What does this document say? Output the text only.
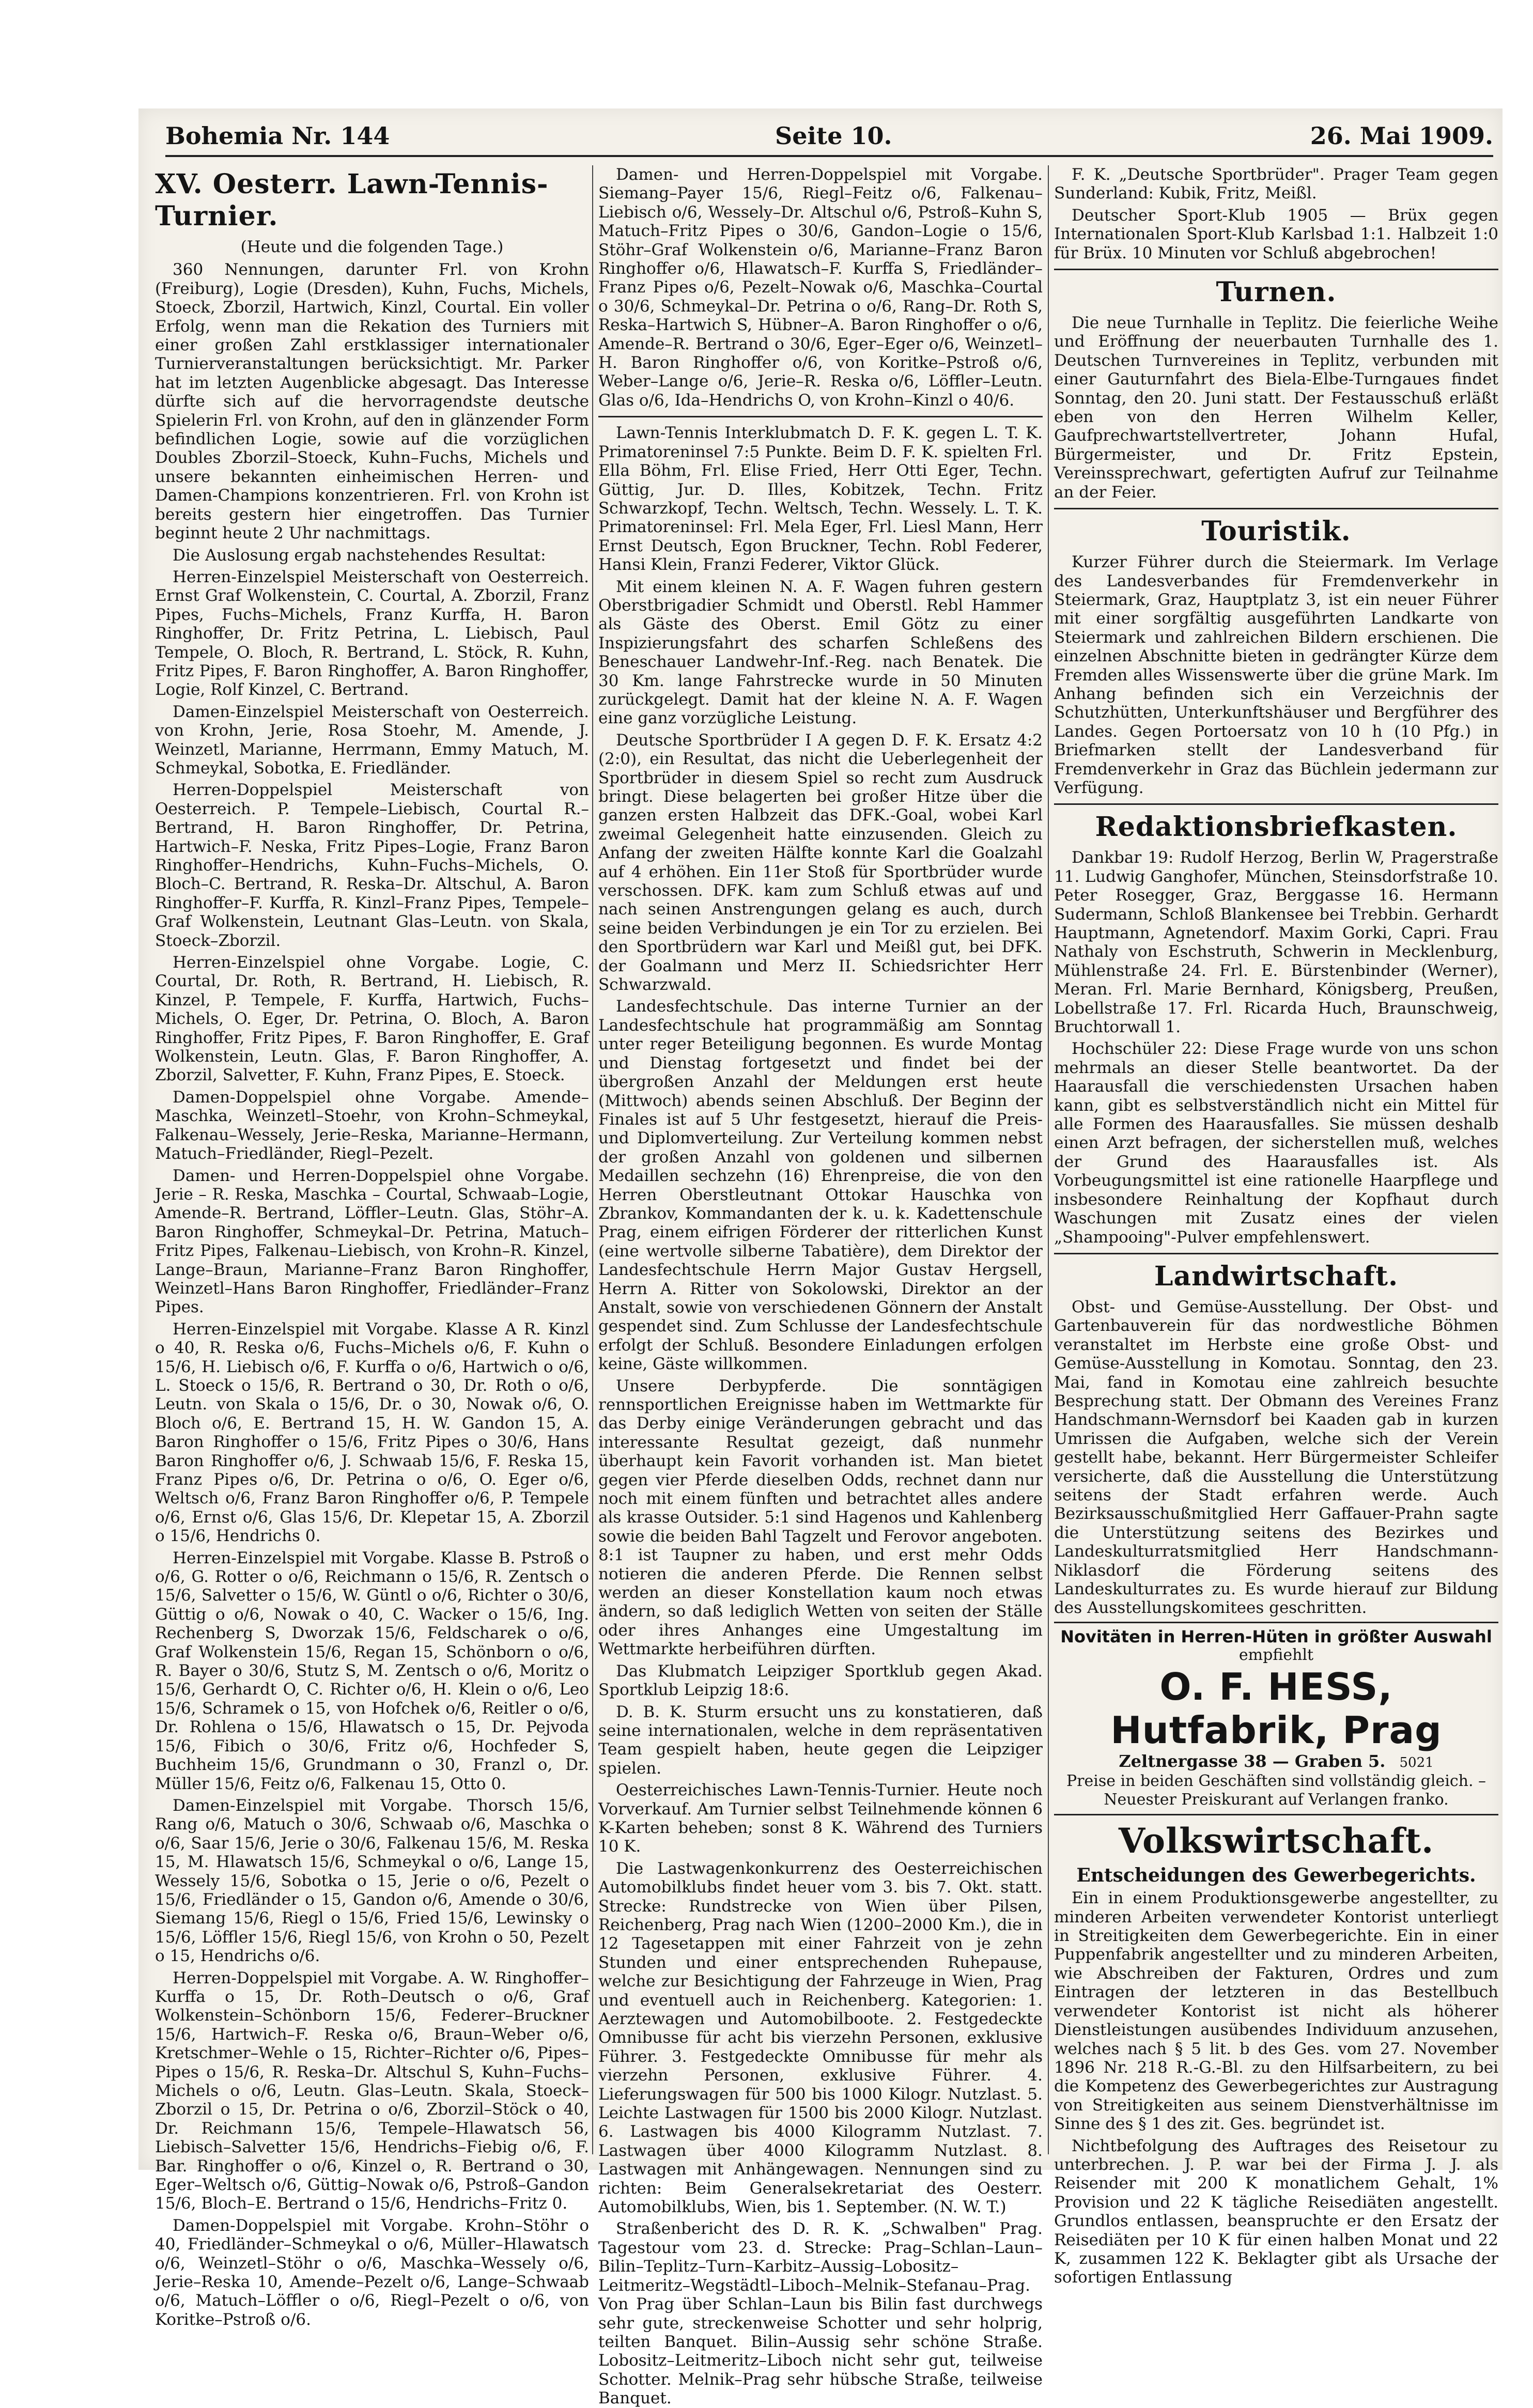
Bohemia Nr. 144	Seite 10.	26. Mai 1909.
XV. Oesterr. Lawn-Tennis-Turnier.
(Heute und die folgenden Tage.)

360 Nennungen, darunter Frl. von Krohn (Freiburg), Logie (Dresden), Kuhn, Fuchs, Michels, Stoeck, Zborzil, Hartwich, Kinzl, Courtal. Ein voller Erfolg, wenn man die Rekation des Turniers mit einer großen Zahl erstklassiger internationaler Turnierveranstaltungen berücksichtigt. Mr. Parker hat im letzten Augenblicke abgesagt. Das Interesse dürfte sich auf die hervorragendste deutsche Spielerin Frl. von Krohn, auf den in glänzender Form befindlichen Logie, sowie auf die vorzüglichen Doubles Zborzil–Stoeck, Kuhn–Fuchs, Michels und unsere bekannten einheimischen Herren- und Damen-Champions konzentrieren. Frl. von Krohn ist bereits gestern hier eingetroffen. Das Turnier beginnt heute 2 Uhr nachmittags.

Die Auslosung ergab nachstehendes Resultat:

Herren-Einzelspiel Meisterschaft von Oesterreich. Ernst Graf Wolkenstein, C. Courtal, A. Zborzil, Franz Pipes, Fuchs–Michels, Franz Kurffa, H. Baron Ringhoffer, Dr. Fritz Petrina, L. Liebisch, Paul Tempele, O. Bloch, R. Bertrand, L. Stöck, R. Kuhn, Fritz Pipes, F. Baron Ringhoffer, A. Baron Ringhoffer, Logie, Rolf Kinzel, C. Bertrand.

Damen-Einzelspiel Meisterschaft von Oesterreich. von Krohn, Jerie, Rosa Stoehr, M. Amende, J. Weinzetl, Marianne, Herrmann, Emmy Matuch, M. Schmeykal, Sobotka, E. Friedländer.

Herren-Doppelspiel Meisterschaft von Oesterreich. P. Tempele–Liebisch, Courtal R.–Bertrand, H. Baron Ringhoffer, Dr. Petrina, Hartwich–F. Neska, Fritz Pipes–Logie, Franz Baron Ringhoffer–Hendrichs, Kuhn–Fuchs–Michels, O. Bloch–C. Bertrand, R. Reska–Dr. Altschul, A. Baron Ringhoffer–F. Kurffa, R. Kinzl–Franz Pipes, Tempele–Graf Wolkenstein, Leutnant Glas–Leutn. von Skala, Stoeck–Zborzil.

Herren-Einzelspiel ohne Vorgabe. Logie, C. Courtal, Dr. Roth, R. Bertrand, H. Liebisch, R. Kinzel, P. Tempele, F. Kurffa, Hartwich, Fuchs–Michels, O. Eger, Dr. Petrina, O. Bloch, A. Baron Ringhoffer, Fritz Pipes, F. Baron Ringhoffer, E. Graf Wolkenstein, Leutn. Glas, F. Baron Ringhoffer, A. Zborzil, Salvetter, F. Kuhn, Franz Pipes, E. Stoeck.

Damen-Doppelspiel ohne Vorgabe. Amende–Maschka, Weinzetl–Stoehr, von Krohn–Schmeykal, Falkenau–Wessely, Jerie–Reska, Marianne–Hermann, Matuch–Friedländer, Riegl–Pezelt.

Damen- und Herren-Doppelspiel ohne Vorgabe. Jerie – R. Reska, Maschka – Courtal, Schwaab–Logie, Amende–R. Bertrand, Löffler–Leutn. Glas, Stöhr–A. Baron Ringhoffer, Schmeykal–Dr. Petrina, Matuch–Fritz Pipes, Falkenau–Liebisch, von Krohn–R. Kinzel, Lange–Braun, Marianne–Franz Baron Ringhoffer, Weinzetl–Hans Baron Ringhoffer, Friedländer–Franz Pipes.

Herren-Einzelspiel mit Vorgabe. Klasse A R. Kinzl o 40, R. Reska o/6, Fuchs–Michels o/6, F. Kuhn o 15/6, H. Liebisch o/6, F. Kurffa o o/6, Hartwich o o/6, L. Stoeck o 15/6, R. Bertrand o 30, Dr. Roth o o/6, Leutn. von Skala o 15/6, Dr. o 30, Nowak o/6, O. Bloch o/6, E. Bertrand 15, H. W. Gandon 15, A. Baron Ringhoffer o 15/6, Fritz Pipes o 30/6, Hans Baron Ringhoffer o/6, J. Schwaab 15/6, F. Reska 15, Franz Pipes o/6, Dr. Petrina o o/6, O. Eger o/6, Weltsch o/6, Franz Baron Ringhoffer o/6, P. Tempele o/6, Ernst o/6, Glas 15/6, Dr. Klepetar 15, A. Zborzil o 15/6, Hendrichs 0.

Herren-Einzelspiel mit Vorgabe. Klasse B. Pstroß o o/6, G. Rotter o o/6, Reichmann o 15/6, R. Zentsch o 15/6, Salvetter o 15/6, W. Güntl o o/6, Richter o 30/6, Güttig o o/6, Nowak o 40, C. Wacker o 15/6, Ing. Rechenberg S, Dworzak 15/6, Feldscharek o o/6, Graf Wolkenstein 15/6, Regan 15, Schönborn o o/6, R. Bayer o 30/6, Stutz S, M. Zentsch o o/6, Moritz o 15/6, Gerhardt O, C. Richter o/6, H. Klein o o/6, Leo 15/6, Schramek o 15, von Hofchek o/6, Reitler o o/6, Dr. Rohlena o 15/6, Hlawatsch o 15, Dr. Pejvoda 15/6, Fibich o 30/6, Fritz o/6, Hochfeder S, Buchheim 15/6, Grundmann o 30, Franzl o, Dr. Müller 15/6, Feitz o/6, Falkenau 15, Otto 0.

Damen-Einzelspiel mit Vorgabe. Thorsch 15/6, Rang o/6, Matuch o 30/6, Schwaab o/6, Maschka o o/6, Saar 15/6, Jerie o 30/6, Falkenau 15/6, M. Reska 15, M. Hlawatsch 15/6, Schmeykal o o/6, Lange 15, Wessely 15/6, Sobotka o 15, Jerie o o/6, Pezelt o 15/6, Friedländer o 15, Gandon o/6, Amende o 30/6, Siemang 15/6, Riegl o 15/6, Fried 15/6, Lewinsky o 15/6, Löffler 15/6, Riegl 15/6, von Krohn o 50, Pezelt o 15, Hendrichs o/6.

Herren-Doppelspiel mit Vorgabe. A. W. Ringhoffer–Kurffa o 15, Dr. Roth–Deutsch o o/6, Graf Wolkenstein–Schönborn 15/6, Federer–Bruckner 15/6, Hartwich–F. Reska o/6, Braun–Weber o/6, Kretschmer–Wehle o 15, Richter–Richter o/6, Pipes–Pipes o 15/6, R. Reska–Dr. Altschul S, Kuhn–Fuchs–Michels o o/6, Leutn. Glas–Leutn. Skala, Stoeck–Zborzil o 15, Dr. Petrina o o/6, Zborzil–Stöck o 40, Dr. Reichmann 15/6, Tempele–Hlawatsch 56, Liebisch–Salvetter 15/6, Hendrichs–Fiebig o/6, F. Bar. Ringhoffer o o/6, Kinzel o, R. Bertrand o 30, Eger–Weltsch o/6, Güttig–Nowak o/6, Pstroß–Gandon 15/6, Bloch–E. Bertrand o 15/6, Hendrichs–Fritz 0.

Damen-Doppelspiel mit Vorgabe. Krohn–Stöhr o 40, Friedländer–Schmeykal o o/6, Müller–Hlawatsch o/6, Weinzetl–Stöhr o o/6, Maschka–Wessely o/6, Jerie–Reska 10, Amende–Pezelt o/6, Lange–Schwaab o/6, Matuch–Löffler o o/6, Riegl–Pezelt o o/6, von Koritke–Pstroß o/6.

Damen- und Herren-Doppelspiel mit Vorgabe. Siemang–Payer 15/6, Riegl–Feitz o/6, Falkenau–Liebisch o/6, Wessely–Dr. Altschul o/6, Pstroß–Kuhn S, Matuch–Fritz Pipes o 30/6, Gandon–Logie o 15/6, Stöhr–Graf Wolkenstein o/6, Marianne–Franz Baron Ringhoffer o/6, Hlawatsch–F. Kurffa S, Friedländer–Franz Pipes o/6, Pezelt–Nowak o/6, Maschka–Courtal o 30/6, Schmeykal–Dr. Petrina o o/6, Rang–Dr. Roth S, Reska–Hartwich S, Hübner–A. Baron Ringhoffer o o/6, Amende–R. Bertrand o 30/6, Eger–Eger o/6, Weinzetl–H. Baron Ringhoffer o/6, von Koritke–Pstroß o/6, Weber–Lange o/6, Jerie–R. Reska o/6, Löffler–Leutn. Glas o/6, Ida–Hendrichs O, von Krohn–Kinzl o 40/6.

Lawn-Tennis Interklubmatch D. F. K. gegen L. T. K. Primatoreninsel 7:5 Punkte. Beim D. F. K. spielten Frl. Ella Böhm, Frl. Elise Fried, Herr Otti Eger, Techn. Güttig, Jur. D. Illes, Kobitzek, Techn. Fritz Schwarzkopf, Techn. Weltsch, Techn. Wessely. L. T. K. Primatoreninsel: Frl. Mela Eger, Frl. Liesl Mann, Herr Ernst Deutsch, Egon Bruckner, Techn. Robl Federer, Hansi Klein, Franzi Federer, Viktor Glück.

Mit einem kleinen N. A. F. Wagen fuhren gestern Oberstbrigadier Schmidt und Oberstl. Rebl Hammer als Gäste des Oberst. Emil Götz zu einer Inspizierungsfahrt des scharfen Schleßens des Beneschauer Landwehr-Inf.-Reg. nach Benatek. Die 30 Km. lange Fahrstrecke wurde in 50 Minuten zurückgelegt. Damit hat der kleine N. A. F. Wagen eine ganz vorzügliche Leistung.

Deutsche Sportbrüder I A gegen D. F. K. Ersatz 4:2 (2:0), ein Resultat, das nicht die Ueberlegenheit der Sportbrüder in diesem Spiel so recht zum Ausdruck bringt. Diese belagerten bei großer Hitze über die ganzen ersten Halbzeit das DFK.-Goal, wobei Karl zweimal Gelegenheit hatte einzusenden. Gleich zu Anfang der zweiten Hälfte konnte Karl die Goalzahl auf 4 erhöhen. Ein 11er Stoß für Sportbrüder wurde verschossen. DFK. kam zum Schluß etwas auf und nach seinen Anstrengungen gelang es auch, durch seine beiden Verbindungen je ein Tor zu erzielen. Bei den Sportbrüdern war Karl und Meißl gut, bei DFK. der Goalmann und Merz II. Schiedsrichter Herr Schwarzwald.

Landesfechtschule. Das interne Turnier an der Landesfechtschule hat programmäßig am Sonntag unter reger Beteiligung begonnen. Es wurde Montag und Dienstag fortgesetzt und findet bei der übergroßen Anzahl der Meldungen erst heute (Mittwoch) abends seinen Abschluß. Der Beginn der Finales ist auf 5 Uhr festgesetzt, hierauf die Preis- und Diplomverteilung. Zur Verteilung kommen nebst der großen Anzahl von goldenen und silbernen Medaillen sechzehn (16) Ehrenpreise, die von den Herren Oberstleutnant Ottokar Hauschka von Zbrankov, Kommandanten der k. u. k. Kadettenschule Prag, einem eifrigen Förderer der ritterlichen Kunst (eine wertvolle silberne Tabatière), dem Direktor der Landesfechtschule Herrn Major Gustav Hergsell, Herrn A. Ritter von Sokolowski, Direktor an der Anstalt, sowie von verschiedenen Gönnern der Anstalt gespendet sind. Zum Schlusse der Landesfechtschule erfolgt der Schluß. Besondere Einladungen erfolgen keine, Gäste willkommen.

Unsere Derbypferde. Die sonntägigen rennsportlichen Ereignisse haben im Wettmarkte für das Derby einige Veränderungen gebracht und das interessante Resultat gezeigt, daß nunmehr überhaupt kein Favorit vorhanden ist. Man bietet gegen vier Pferde dieselben Odds, rechnet dann nur noch mit einem fünften und betrachtet alles andere als krasse Outsider. 5:1 sind Hagenos und Kahlenberg sowie die beiden Bahl Tagzelt und Ferovor angeboten. 8:1 ist Taupner zu haben, und erst mehr Odds notieren die anderen Pferde. Die Rennen selbst werden an dieser Konstellation kaum noch etwas ändern, so daß lediglich Wetten von seiten der Ställe oder ihres Anhanges eine Umgestaltung im Wettmarkte herbeiführen dürften.

Das Klubmatch Leipziger Sportklub gegen Akad. Sportklub Leipzig 18:6.

D. B. K. Sturm ersucht uns zu konstatieren, daß seine internationalen, welche in dem repräsentativen Team gespielt haben, heute gegen die Leipziger spielen.

Oesterreichisches Lawn-Tennis-Turnier. Heute noch Vorverkauf. Am Turnier selbst Teilnehmende können 6 K-Karten beheben; sonst 8 K. Während des Turniers 10 K.

Die Lastwagenkonkurrenz des Oesterreichischen Automobilklubs findet heuer vom 3. bis 7. Okt. statt. Strecke: Rundstrecke von Wien über Pilsen, Reichenberg, Prag nach Wien (1200–2000 Km.), die in 12 Tagesetappen mit einer Fahrzeit von je zehn Stunden und einer entsprechenden Ruhepause, welche zur Besichtigung der Fahrzeuge in Wien, Prag und eventuell auch in Reichenberg. Kategorien: 1. Aerztewagen und Automobilboote. 2. Festgedeckte Omnibusse für acht bis vierzehn Personen, exklusive Führer. 3. Festgedeckte Omnibusse für mehr als vierzehn Personen, exklusive Führer. 4. Lieferungswagen für 500 bis 1000 Kilogr. Nutzlast. 5. Leichte Lastwagen für 1500 bis 2000 Kilogr. Nutzlast. 6. Lastwagen bis 4000 Kilogramm Nutzlast. 7. Lastwagen über 4000 Kilogramm Nutzlast. 8. Lastwagen mit Anhängewagen. Nennungen sind zu richten: Beim Generalsekretariat des Oesterr. Automobilklubs, Wien, bis 1. September. (N. W. T.)

Straßenbericht des D. R. K. „Schwalben" Prag. Tagestour vom 23. d. Strecke: Prag–Schlan–Laun–Bilin–Teplitz–Turn–Karbitz–Aussig–Lobositz–Leitmeritz–Wegstädtl–Liboch–Melnik–Stefanau–Prag. Von Prag über Schlan–Laun bis Bilin fast durchwegs sehr gute, streckenweise Schotter und sehr holprig, teilten Banquet. Bilin–Aussig sehr schöne Straße. Lobositz–Leitmeritz–Liboch nicht sehr gut, teilweise Schotter. Melnik–Prag sehr hübsche Straße, teilweise Banquet.

F. K. „Deutsche Sportbrüder". Prager Team gegen Sunderland: Kubik, Fritz, Meißl.

Deutscher Sport-Klub 1905 — Brüx gegen Internationalen Sport-Klub Karlsbad 1:1. Halbzeit 1:0 für Brüx. 10 Minuten vor Schluß abgebrochen!

Turnen.

Die neue Turnhalle in Teplitz. Die feierliche Weihe und Eröffnung der neuerbauten Turnhalle des 1. Deutschen Turnvereines in Teplitz, verbunden mit einer Gauturnfahrt des Biela-Elbe-Turngaues findet Sonntag, den 20. Juni statt. Der Festausschuß erläßt eben von den Herren Wilhelm Keller, Gaufprechwartstellvertreter, Johann Hufal, Bürgermeister, und Dr. Fritz Epstein, Vereinssprechwart, gefertigten Aufruf zur Teilnahme an der Feier.

Touristik.

Kurzer Führer durch die Steiermark. Im Verlage des Landesverbandes für Fremdenverkehr in Steiermark, Graz, Hauptplatz 3, ist ein neuer Führer mit einer sorgfältig ausgeführten Landkarte von Steiermark und zahlreichen Bildern erschienen. Die einzelnen Abschnitte bieten in gedrängter Kürze dem Fremden alles Wissenswerte über die grüne Mark. Im Anhang befinden sich ein Verzeichnis der Schutzhütten, Unterkunftshäuser und Bergführer des Landes. Gegen Portoersatz von 10 h (10 Pfg.) in Briefmarken stellt der Landesverband für Fremdenverkehr in Graz das Büchlein jedermann zur Verfügung.

Redaktionsbriefkasten.

Dankbar 19: Rudolf Herzog, Berlin W, Pragerstraße 11. Ludwig Ganghofer, München, Steinsdorfstraße 10. Peter Rosegger, Graz, Berggasse 16. Hermann Sudermann, Schloß Blankensee bei Trebbin. Gerhardt Hauptmann, Agnetendorf. Maxim Gorki, Capri. Frau Nathaly von Eschstruth, Schwerin in Mecklenburg, Mühlenstraße 24. Frl. E. Bürstenbinder (Werner), Meran. Frl. Marie Bernhard, Königsberg, Preußen, Lobellstraße 17. Frl. Ricarda Huch, Braunschweig, Bruchtorwall 1.

Hochschüler 22: Diese Frage wurde von uns schon mehrmals an dieser Stelle beantwortet. Da der Haarausfall die verschiedensten Ursachen haben kann, gibt es selbstverständlich nicht ein Mittel für alle Formen des Haarausfalles. Sie müssen deshalb einen Arzt befragen, der sicherstellen muß, welches der Grund des Haarausfalles ist. Als Vorbeugungsmittel ist eine rationelle Haarpflege und insbesondere Reinhaltung der Kopfhaut durch Waschungen mit Zusatz eines der vielen „Shampooing"-Pulver empfehlenswert.

Landwirtschaft.

Obst- und Gemüse-Ausstellung. Der Obst- und Gartenbauverein für das nordwestliche Böhmen veranstaltet im Herbste eine große Obst- und Gemüse-Ausstellung in Komotau. Sonntag, den 23. Mai, fand in Komotau eine zahlreich besuchte Besprechung statt. Der Obmann des Vereines Franz Handschmann-Wernsdorf bei Kaaden gab in kurzen Umrissen die Aufgaben, welche sich der Verein gestellt habe, bekannt. Herr Bürgermeister Schleifer versicherte, daß die Ausstellung die Unterstützung seitens der Stadt erfahren werde. Auch Bezirksausschußmitglied Herr Gaffauer-Prahn sagte die Unterstützung seitens des Bezirkes und Landeskulturratsmitglied Herr Handschmann-Niklasdorf die Förderung seitens des Landeskulturrates zu. Es wurde hierauf zur Bildung des Ausstellungskomitees geschritten.

Novitäten in Herren-Hüten in größter Auswahl
empfiehlt
O. F. HESS, Hutfabrik, Prag
Zeltnergasse 38 — Graben 5. 5021
Preise in beiden Geschäften sind vollständig gleich. –
Neuester Preiskurant auf Verlangen franko.
Volkswirtschaft.
Entscheidungen des Gewerbegerichts.

Ein in einem Produktionsgewerbe angestellter, zu minderen Arbeiten verwendeter Kontorist unterliegt in Streitigkeiten dem Gewerbegerichte. Ein in einer Puppenfabrik angestellter und zu minderen Arbeiten, wie Abschreiben der Fakturen, Ordres und zum Eintragen der letzteren in das Bestellbuch verwendeter Kontorist ist nicht als höherer Dienstleistungen ausübendes Individuum anzusehen, welches nach § 5 lit. b des Ges. vom 27. November 1896 Nr. 218 R.-G.-Bl. zu den Hilfsarbeitern, zu bei die Kompetenz des Gewerbegerichtes zur Austragung von Streitigkeiten aus seinem Dienstverhältnisse im Sinne des § 1 des zit. Ges. begründet ist.

Nichtbefolgung des Auftrages des Reisetour zu unterbrechen. J. P. war bei der Firma J. J. als Reisender mit 200 K monatlichem Gehalt, 1% Provision und 22 K tägliche Reisediäten angestellt. Grundlos entlassen, beanspruchte er den Ersatz der Reisediäten per 10 K für einen halben Monat und 22 K, zusammen 122 K. Beklagter gibt als Ursache der sofortigen Entlassung
